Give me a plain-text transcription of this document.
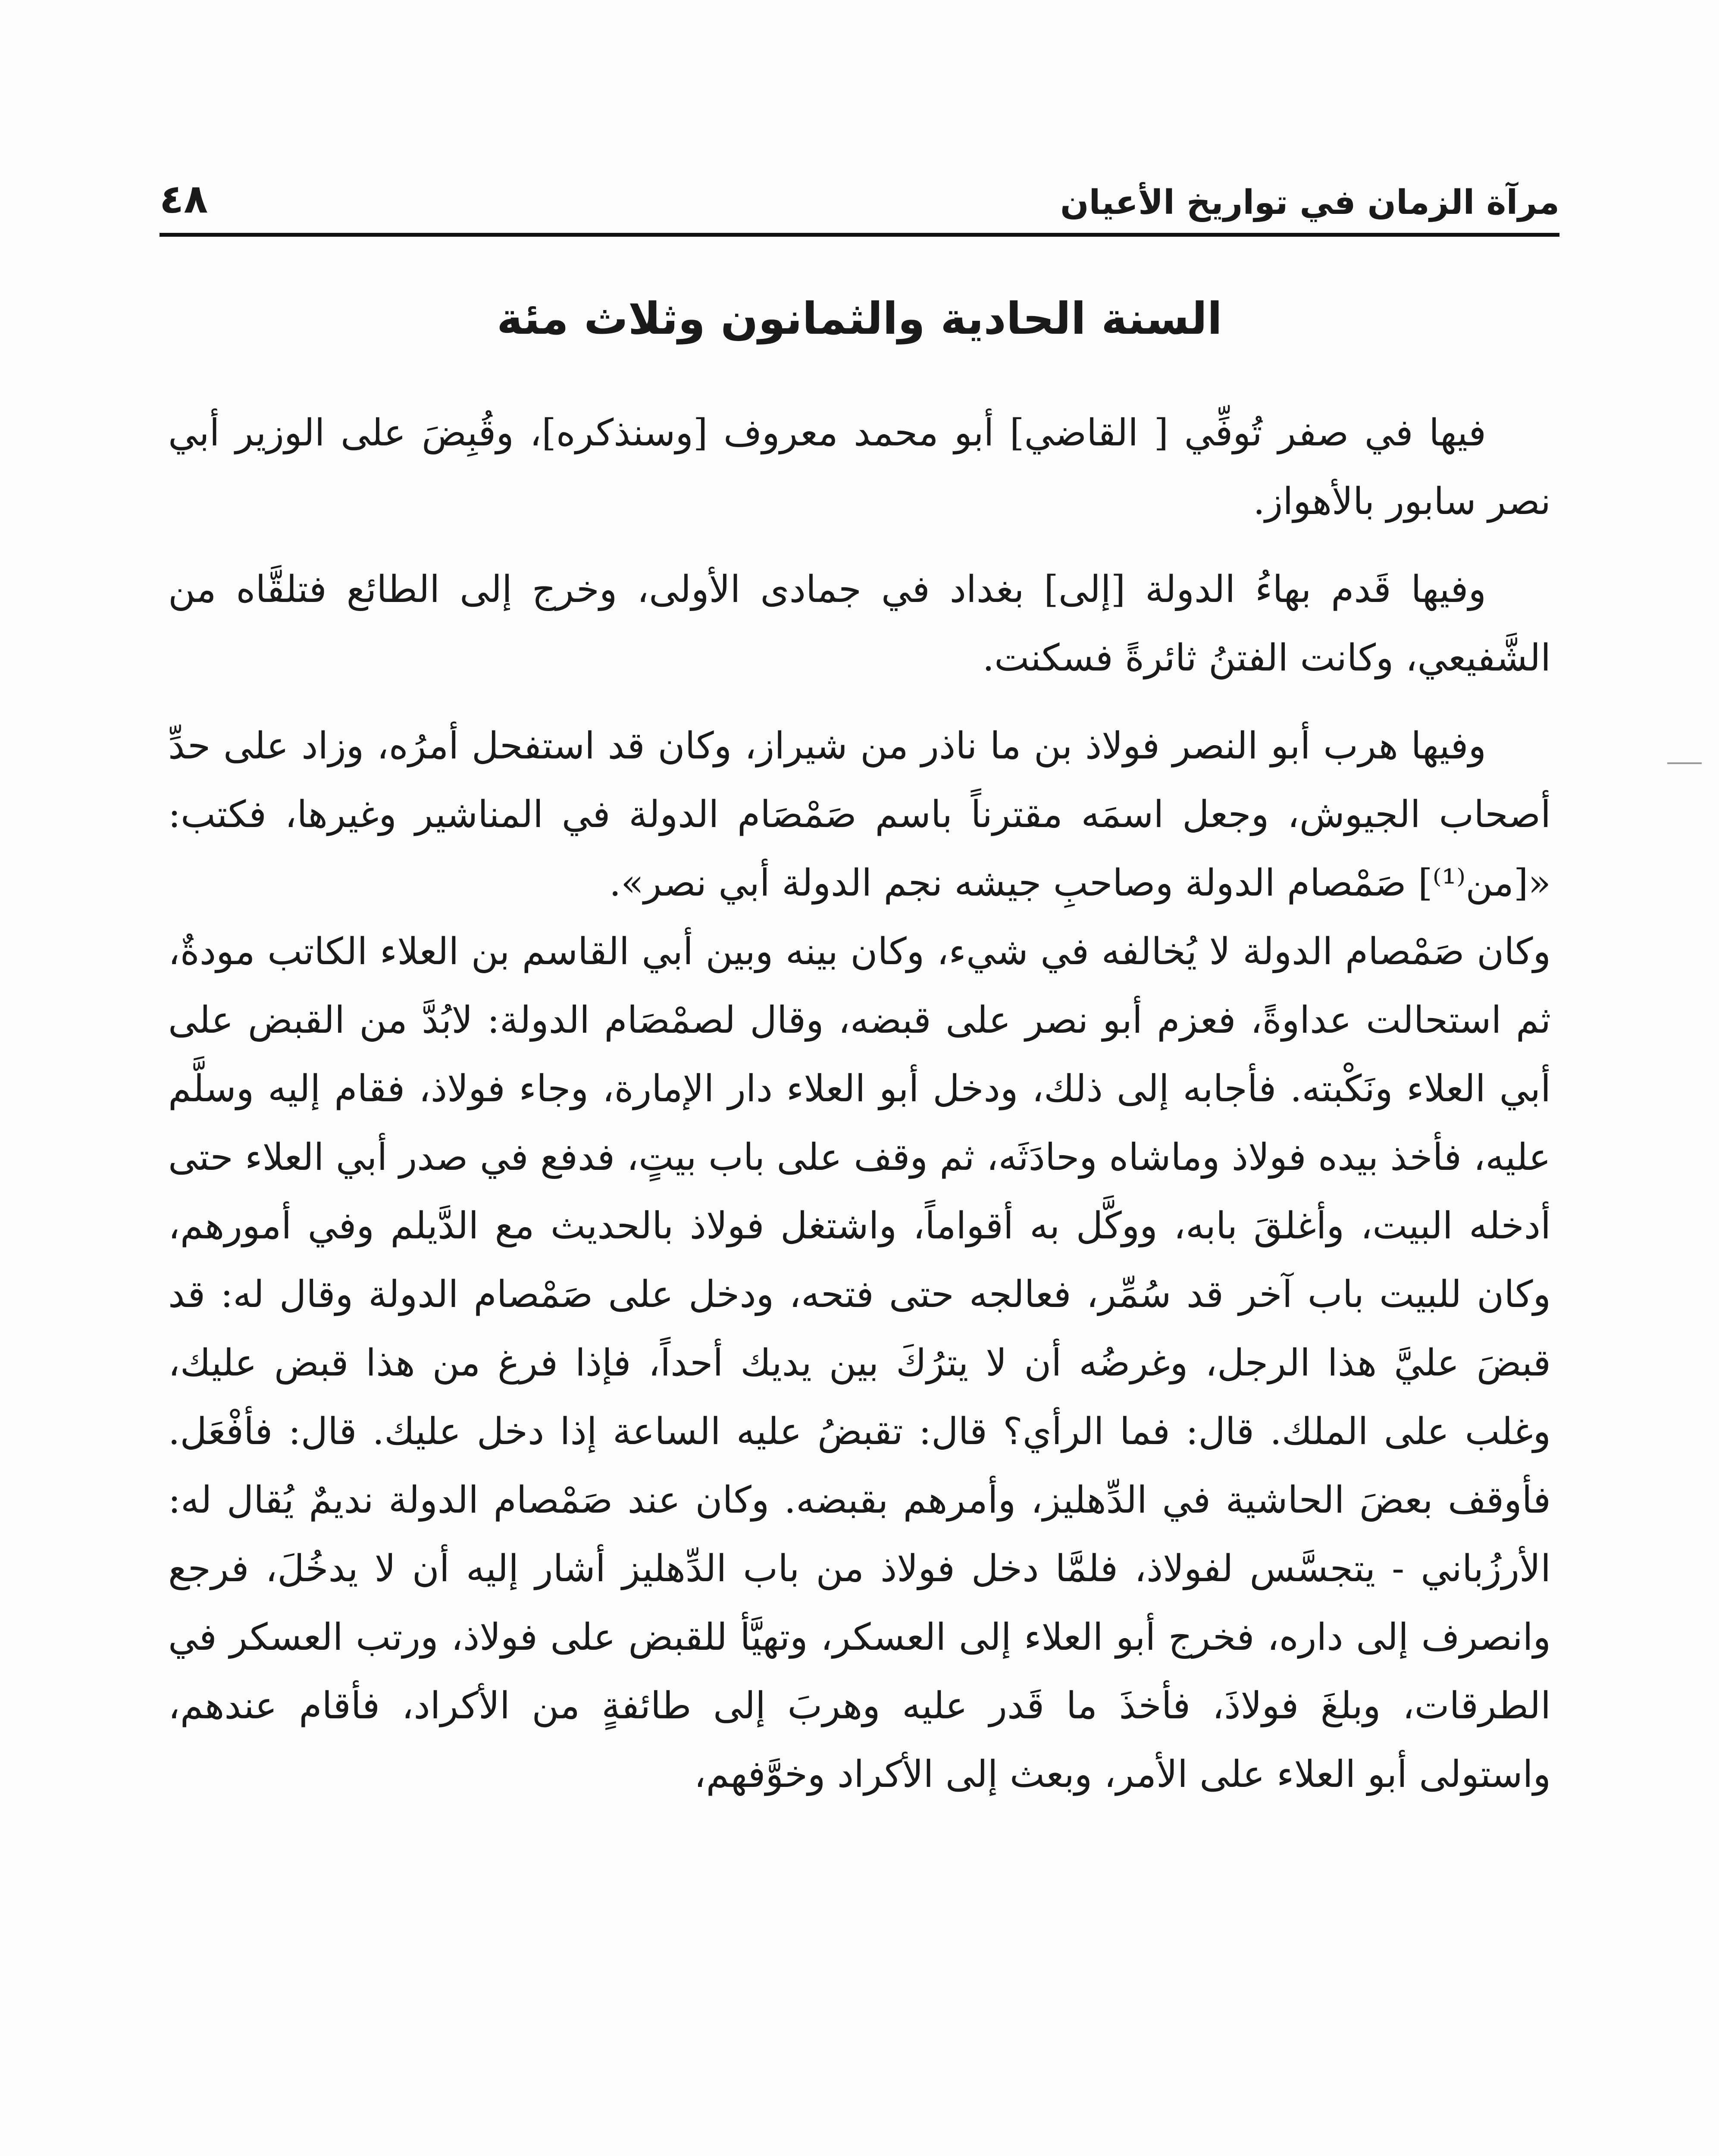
مرآة الزمان في تواريخ الأعيان
٤٨
السنة الحادية والثمانون وثلاث مئة

فيها في صفر تُوفِّي [ القاضي] أبو محمد معروف [وسنذكره]، وقُبِضَ على الوزير أبي نصر سابور بالأهواز.

وفيها قَدم بهاءُ الدولة [إلى] بغداد في جمادى الأولى، وخرج إلى الطائع فتلقَّاه من الشَّفيعي، وكانت الفتنُ ثائرةً فسكنت.

وفيها هرب أبو النصر فولاذ بن ما ناذر من شيراز، وكان قد استفحل أمرُه، وزاد على حدِّ أصحاب الجيوش، وجعل اسمَه مقترناً باسم صَمْصَام الدولة في المناشير وغيرها، فكتب: «[من⁽¹⁾] صَمْصام الدولة وصاحبِ جيشه نجم الدولة أبي نصر».

وكان صَمْصام الدولة لا يُخالفه في شيء، وكان بينه وبين أبي القاسم بن العلاء الكاتب مودةٌ، ثم استحالت عداوةً، فعزم أبو نصر على قبضه، وقال لصمْصَام الدولة: لابُدَّ من القبض على أبي العلاء ونَكْبته. فأجابه إلى ذلك، ودخل أبو العلاء دار الإمارة، وجاء فولاذ، فقام إليه وسلَّم عليه، فأخذ بيده فولاذ وماشاه وحادَثَه، ثم وقف على باب بيتٍ، فدفع في صدر أبي العلاء حتى أدخله البيت، وأغلقَ بابه، ووكَّل به أقواماً، واشتغل فولاذ بالحديث مع الدَّيلم وفي أمورهم، وكان للبيت باب آخر قد سُمِّر، فعالجه حتى فتحه، ودخل على صَمْصام الدولة وقال له: قد قبضَ عليَّ هذا الرجل، وغرضُه أن لا يترُكَ بين يديك أحداً، فإذا فرغ من هذا قبض عليك، وغلب على الملك. قال: فما الرأي؟ قال: تقبضُ عليه الساعة إذا دخل عليك. قال: فأفْعَل. فأوقف بعضَ الحاشية في الدِّهليز، وأمرهم بقبضه. وكان عند صَمْصام الدولة نديمٌ يُقال له: الأرزُباني - يتجسَّس لفولاذ، فلمَّا دخل فولاذ من باب الدِّهليز أشار إليه أن لا يدخُلَ، فرجع وانصرف إلى داره، فخرج أبو العلاء إلى العسكر، وتهيَّأ للقبض على فولاذ، ورتب العسكر في الطرقات، وبلغَ فولاذَ، فأخذَ ما قَدر عليه وهربَ إلى طائفةٍ من الأكراد، فأقام عندهم، واستولى أبو العلاء على الأمر، وبعث إلى الأكراد وخوَّفهم،
